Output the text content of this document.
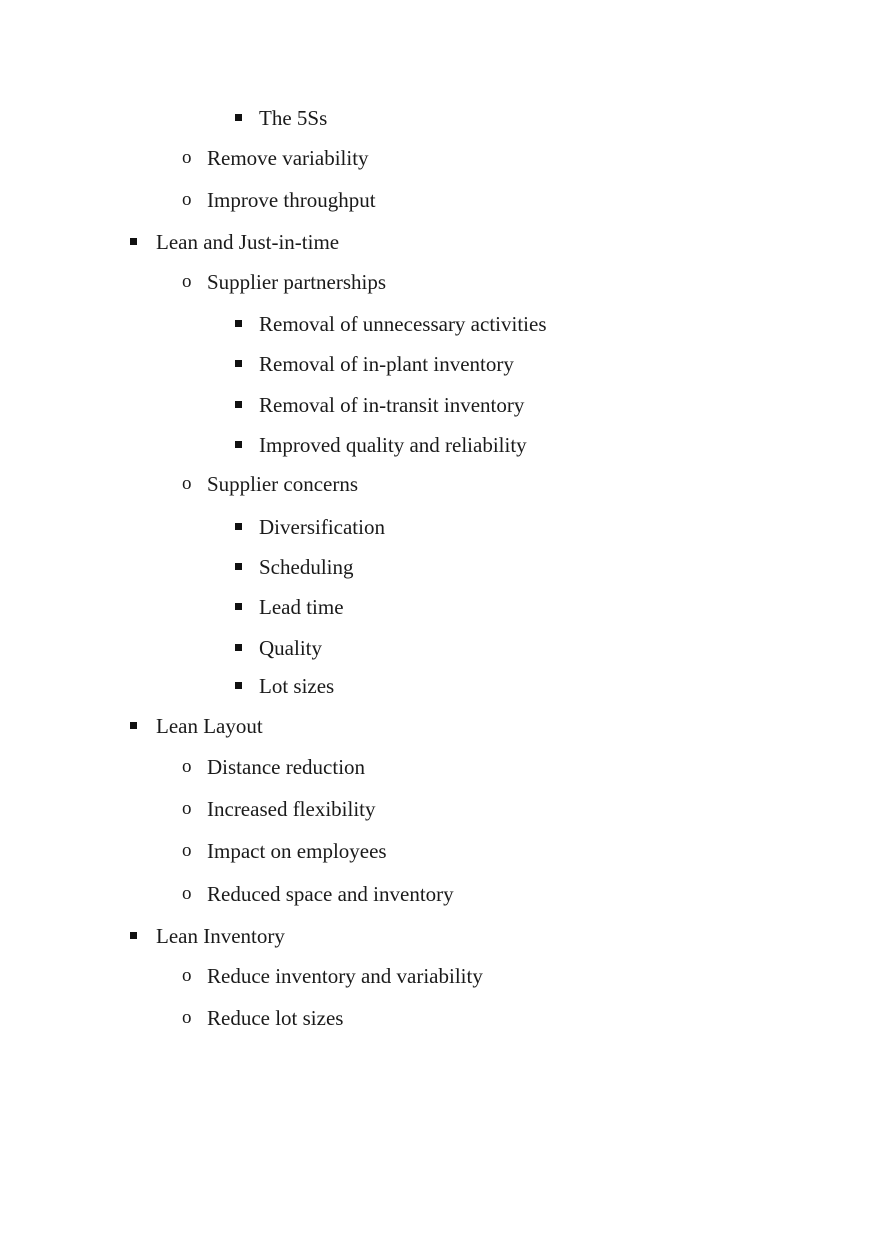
The 5Ss
o Remove variability
o Improve throughput
Lean and Just-in-time
o Supplier partnerships
Removal of unnecessary activities
Removal of in-plant inventory
Removal of in-transit inventory
Improved quality and reliability
o Supplier concerns
Diversification
Scheduling
Lead time
Quality
Lot sizes
Lean Layout
o Distance reduction
o Increased flexibility
o Impact on employees
o Reduced space and inventory
Lean Inventory
o Reduce inventory and variability
o Reduce lot sizes
